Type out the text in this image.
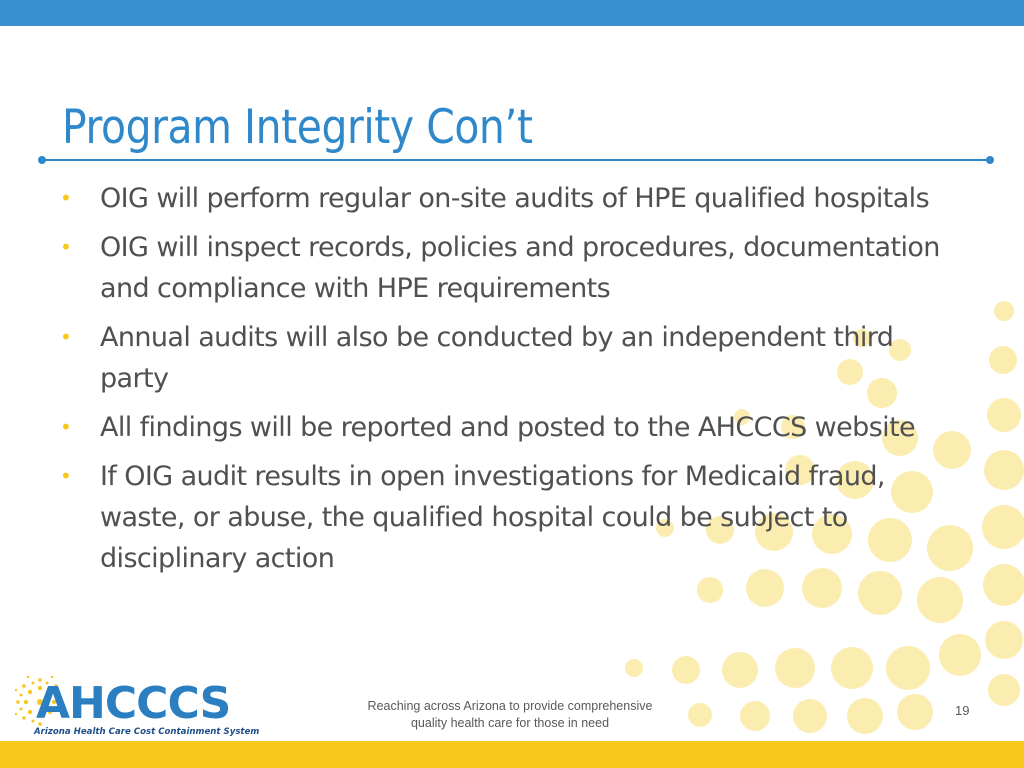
Program Integrity Con’t
• OIG will perform regular on-site audits of HPE qualified hospitals
• OIG will inspect records, policies and procedures, documentation and compliance with HPE requirements
• Annual audits will also be conducted by an independent third party
• All findings will be reported and posted to the AHCCCS website
• If OIG audit results in open investigations for Medicaid fraud, waste, or abuse, the qualified hospital could be subject to disciplinary action
AHCCCS
Arizona Health Care Cost Containment System
Reaching across Arizona to provide comprehensive
quality health care for those in need
19
